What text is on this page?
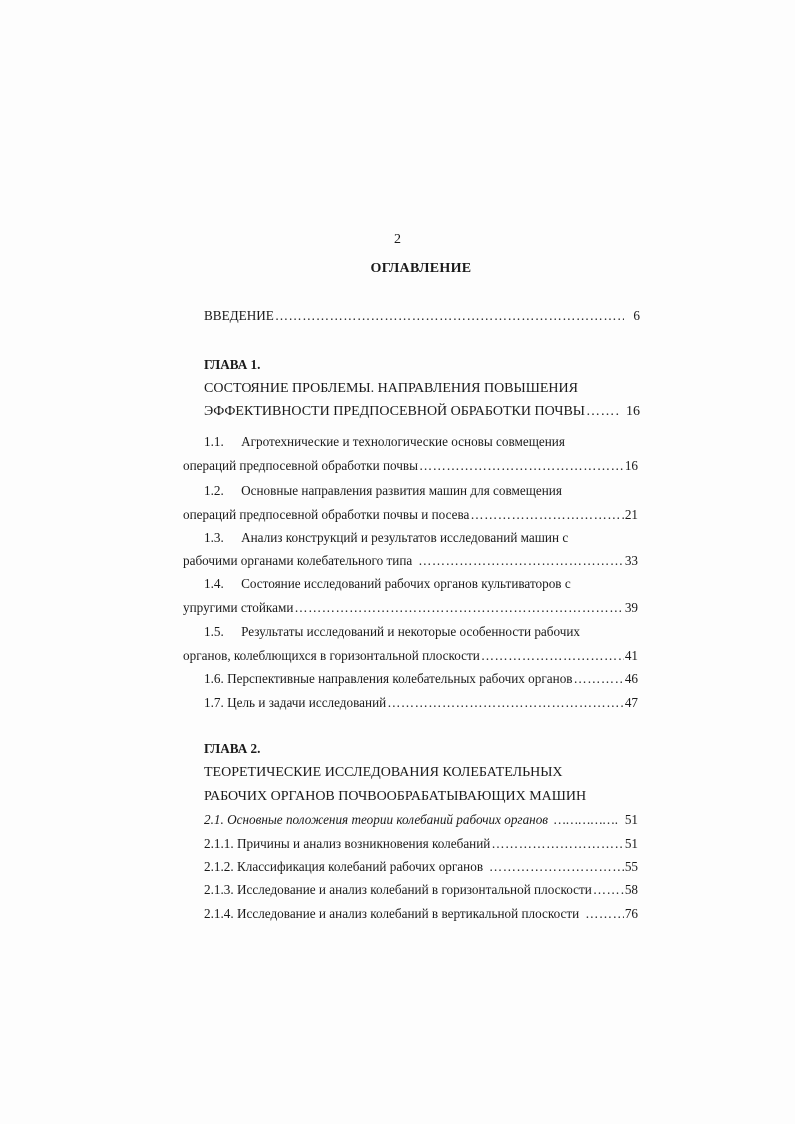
2
ОГЛАВЛЕНИЕ
ВВЕДЕНИЕ ………………………………………………………………………………………………………………………………………………………………………………	6
ГЛАВА 1.
СОСТОЯНИЕ ПРОБЛЕМЫ. НАПРАВЛЕНИЯ ПОВЫШЕНИЯ
ЭФФЕКТИВНОСТИ ПРЕДПОСЕВНОЙ ОБРАБОТКИ ПОЧВЫ ………………………………………………………………………………………………………………………………………………………………………………	16
1.1. Агротехнические и технологические основы совмещения
операций предпосевной обработки почвы ………………………………………………………………………………………………………………………………………………………………………………	16
1.2. Основные направления развития машин для совмещения
операций предпосевной обработки почвы и посева ………………………………………………………………………………………………………………………………………………………………………………	21
1.3. Анализ конструкций и результатов исследований машин с
рабочими органами колебательного типа ………………………………………………………………………………………………………………………………………………………………………………	33
1.4. Состояние исследований рабочих органов культиваторов с
упругими стойками ………………………………………………………………………………………………………………………………………………………………………………	39
1.5. Результаты исследований и некоторые особенности рабочих
органов, колеблющихся в горизонтальной плоскости ………………………………………………………………………………………………………………………………………………………………………………	41
1.6. Перспективные направления колебательных рабочих органов ………………………………………………………………………………………………………………………………………………………………………………	46
1.7. Цель и задачи исследований ………………………………………………………………………………………………………………………………………………………………………………	47
ГЛАВА 2.
ТЕОРЕТИЧЕСКИЕ ИССЛЕДОВАНИЯ КОЛЕБАТЕЛЬНЫХ
РАБОЧИХ ОРГАНОВ ПОЧВООБРАБАТЫВАЮЩИХ МАШИН
2.1. Основные положения теории колебаний рабочих органов ………………………………………………………………………………………………………………………………………………………………………………	51
2.1.1. Причины и анализ возникновения колебаний ………………………………………………………………………………………………………………………………………………………………………………	51
2.1.2. Классификация колебаний рабочих органов ………………………………………………………………………………………………………………………………………………………………………………	55
2.1.3. Исследование и анализ колебаний в горизонтальной плоскости ………………………………………………………………………………………………………………………………………………………………………………	58
2.1.4. Исследование и анализ колебаний в вертикальной плоскости ………………………………………………………………………………………………………………………………………………………………………………	76
